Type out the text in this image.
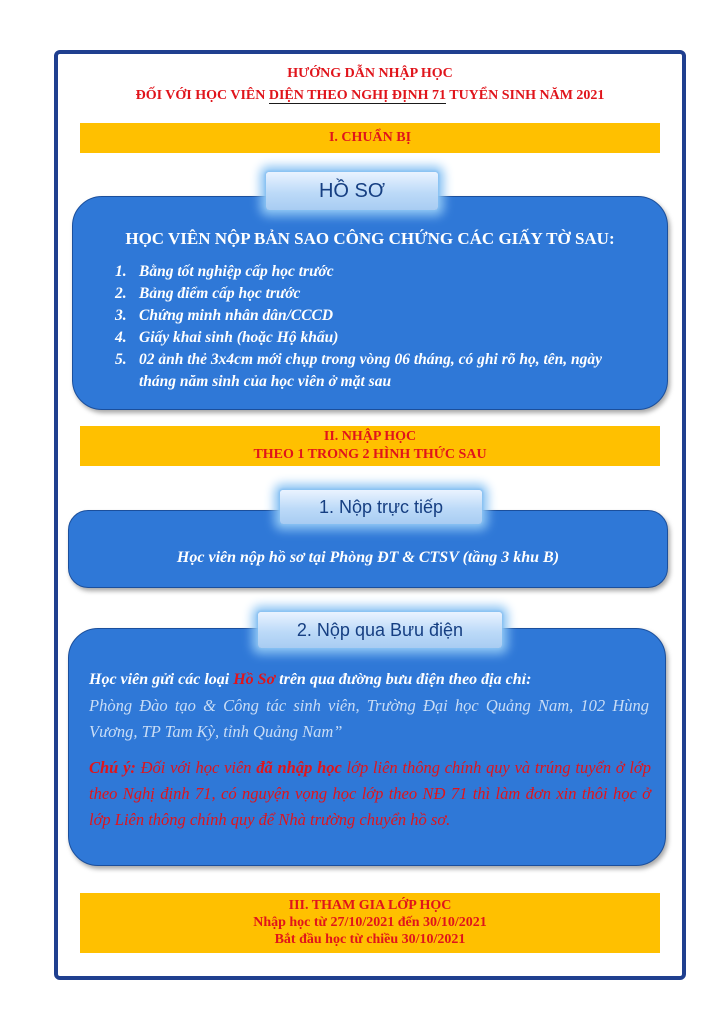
HƯỚNG DẪN NHẬP HỌC
ĐỐI VỚI HỌC VIÊN DIỆN THEO NGHỊ ĐỊNH 71 TUYỂN SINH NĂM 2021
I. CHUẨN BỊ
HỌC VIÊN NỘP BẢN SAO CÔNG CHỨNG CÁC GIẤY TỜ SAU:
1. Bằng tốt nghiệp cấp học trước
2. Bảng điểm cấp học trước
3. Chứng minh nhân dân/CCCD
4. Giấy khai sinh (hoặc Hộ khẩu)
5. 02 ảnh thẻ 3x4cm mới chụp trong vòng 06 tháng, có ghi rõ họ, tên, ngày tháng năm sinh của học viên ở mặt sau
HỒ SƠ
II. NHẬP HỌC
THEO 1 TRONG 2 HÌNH THỨC SAU
Học viên nộp hồ sơ tại Phòng ĐT & CTSV (tầng 3 khu B)
1. Nộp trực tiếp
Học viên gửi các loại Hồ Sơ trên qua đường bưu điện theo địa chỉ:
Phòng Đào tạo & Công tác sinh viên, Trường Đại học Quảng Nam, 102 Hùng Vương, TP Tam Kỳ, tỉnh Quảng Nam”
Chú ý: Đối với học viên đã nhập học lớp liên thông chính quy và trúng tuyển ở lớp theo Nghị định 71, có nguyện vọng học lớp theo NĐ 71 thì làm đơn xin thôi học ở lớp Liên thông chính quy để Nhà trường chuyển hồ sơ.
2. Nộp qua Bưu điện
III. THAM GIA LỚP HỌC
Nhập học từ 27/10/2021 đến 30/10/2021
Bắt đầu học từ chiều 30/10/2021
